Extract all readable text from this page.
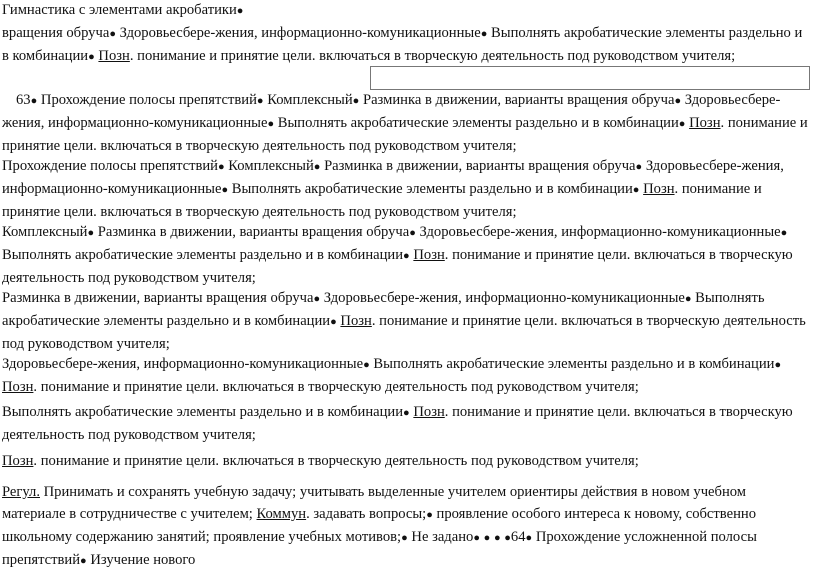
Гимнастика с элементами акробатики●
вращения обруча● Здоровьесбере-жения, информационно-комуникационные● Выполнять акробатические элементы раздельно и в комбинации● Позн. понимание и принятие цели. включаться в творческую деятельность под руководством учителя;

63● Прохождение полосы препятствий● Комплексный● Разминка в движении, варианты вращения обруча● Здоровьесбере-жения, информационно-комуникационные● Выполнять акробатические элементы раздельно и в комбинации● Позн. понимание и принятие цели. включаться в творческую деятельность под руководством учителя;

Прохождение полосы препятствий● Комплексный● Разминка в движении, варианты вращения обруча● Здоровьесбере-жения, информационно-комуникационные● Выполнять акробатические элементы раздельно и в комбинации● Позн. понимание и принятие цели. включаться в творческую деятельность под руководством учителя;

Комплексный● Разминка в движении, варианты вращения обруча● Здоровьесбере-жения, информационно-комуникационные● Выполнять акробатические элементы раздельно и в комбинации● Позн. понимание и принятие цели. включаться в творческую деятельность под руководством учителя;

Разминка в движении, варианты вращения обруча● Здоровьесбере-жения, информационно-комуникационные● Выполнять акробатические элементы раздельно и в комбинации● Позн. понимание и принятие цели. включаться в творческую деятельность под руководством учителя;

Здоровьесбере-жения, информационно-комуникационные● Выполнять акробатические элементы раздельно и в комбинации● Позн. понимание и принятие цели. включаться в творческую деятельность под руководством учителя;

Выполнять акробатические элементы раздельно и в комбинации● Позн. понимание и принятие цели. включаться в творческую деятельность под руководством учителя;

Позн. понимание и принятие цели. включаться в творческую деятельность под руководством учителя;

Регул. Принимать и сохранять учебную задачу; учитывать выделенные учителем ориентиры действия в новом учебном материале в сотрудничестве с учителем; Коммун. задавать вопросы;● проявление особого интереса к новому, собственно школьному содержанию занятий; проявление учебных мотивов;● Не задано● ● ● ●64● Прохождение усложненной полосы препятствий● Изучение нового
